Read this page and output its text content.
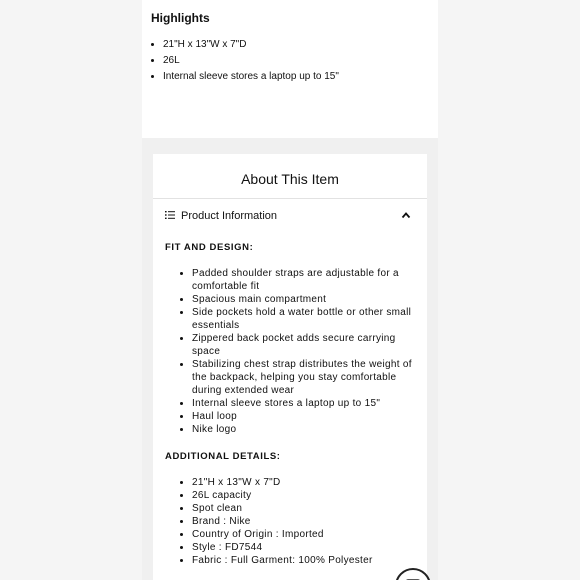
Highlights
• 21"H x 13"W x 7"D
• 26L
• Internal sleeve stores a laptop up to 15"
About This Item
Product Information
FIT AND DESIGN:
• Padded shoulder straps are adjustable for a comfortable fit
• Spacious main compartment
• Side pockets hold a water bottle or other small essentials
• Zippered back pocket adds secure carrying space
• Stabilizing chest strap distributes the weight of the backpack, helping you stay comfortable during extended wear
• Internal sleeve stores a laptop up to 15"
• Haul loop
• Nike logo
ADDITIONAL DETAILS:
• 21"H x 13"W x 7"D
• 26L capacity
• Spot clean
• Brand : Nike
• Country of Origin : Imported
• Style : FD7544
• Fabric : Full Garment: 100% Polyester
